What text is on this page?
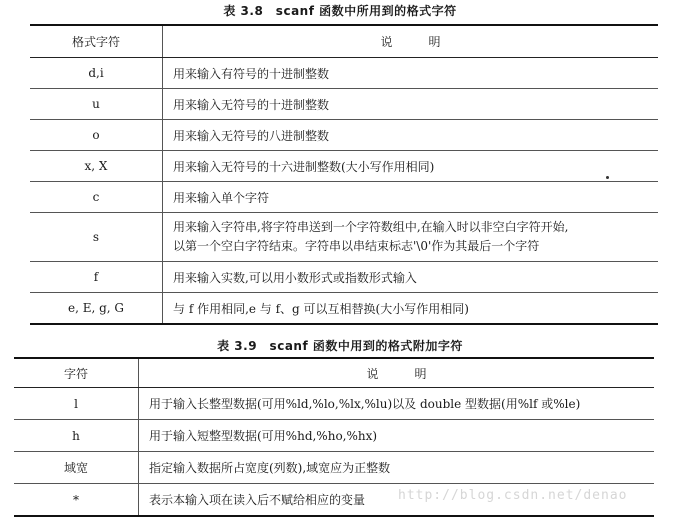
表 3.8　scanf 函数中所用到的格式字符
格式字符	说　　明
d,i	用来输入有符号的十进制整数
u	用来输入无符号的十进制整数
o	用来输入无符号的八进制整数
x, X	用来输入无符号的十六进制整数(大小写作用相同)
c	用来输入单个字符
s	用来输入字符串,将字符串送到一个字符数组中,在输入时以非空白字符开始,
以第一个空白字符结束。字符串以串结束标志'\0'作为其最后一个字符

f	用来输入实数,可以用小数形式或指数形式输入
e, E, g, G	与 f 作用相同,e 与 f、g 可以互相替换(大小写作用相同)
表 3.9　scanf 函数中用到的格式附加字符
字符	说　　明
l	用于输入长整型数据(可用%ld,%lo,%lx,%lu)以及 double 型数据(用%lf 或%le)
h	用于输入短整型数据(可用%hd,%ho,%hx)
域宽	指定输入数据所占宽度(列数),域宽应为正整数
*	表示本输入项在读入后不赋给相应的变量	http://blog.csdn.net/denao
